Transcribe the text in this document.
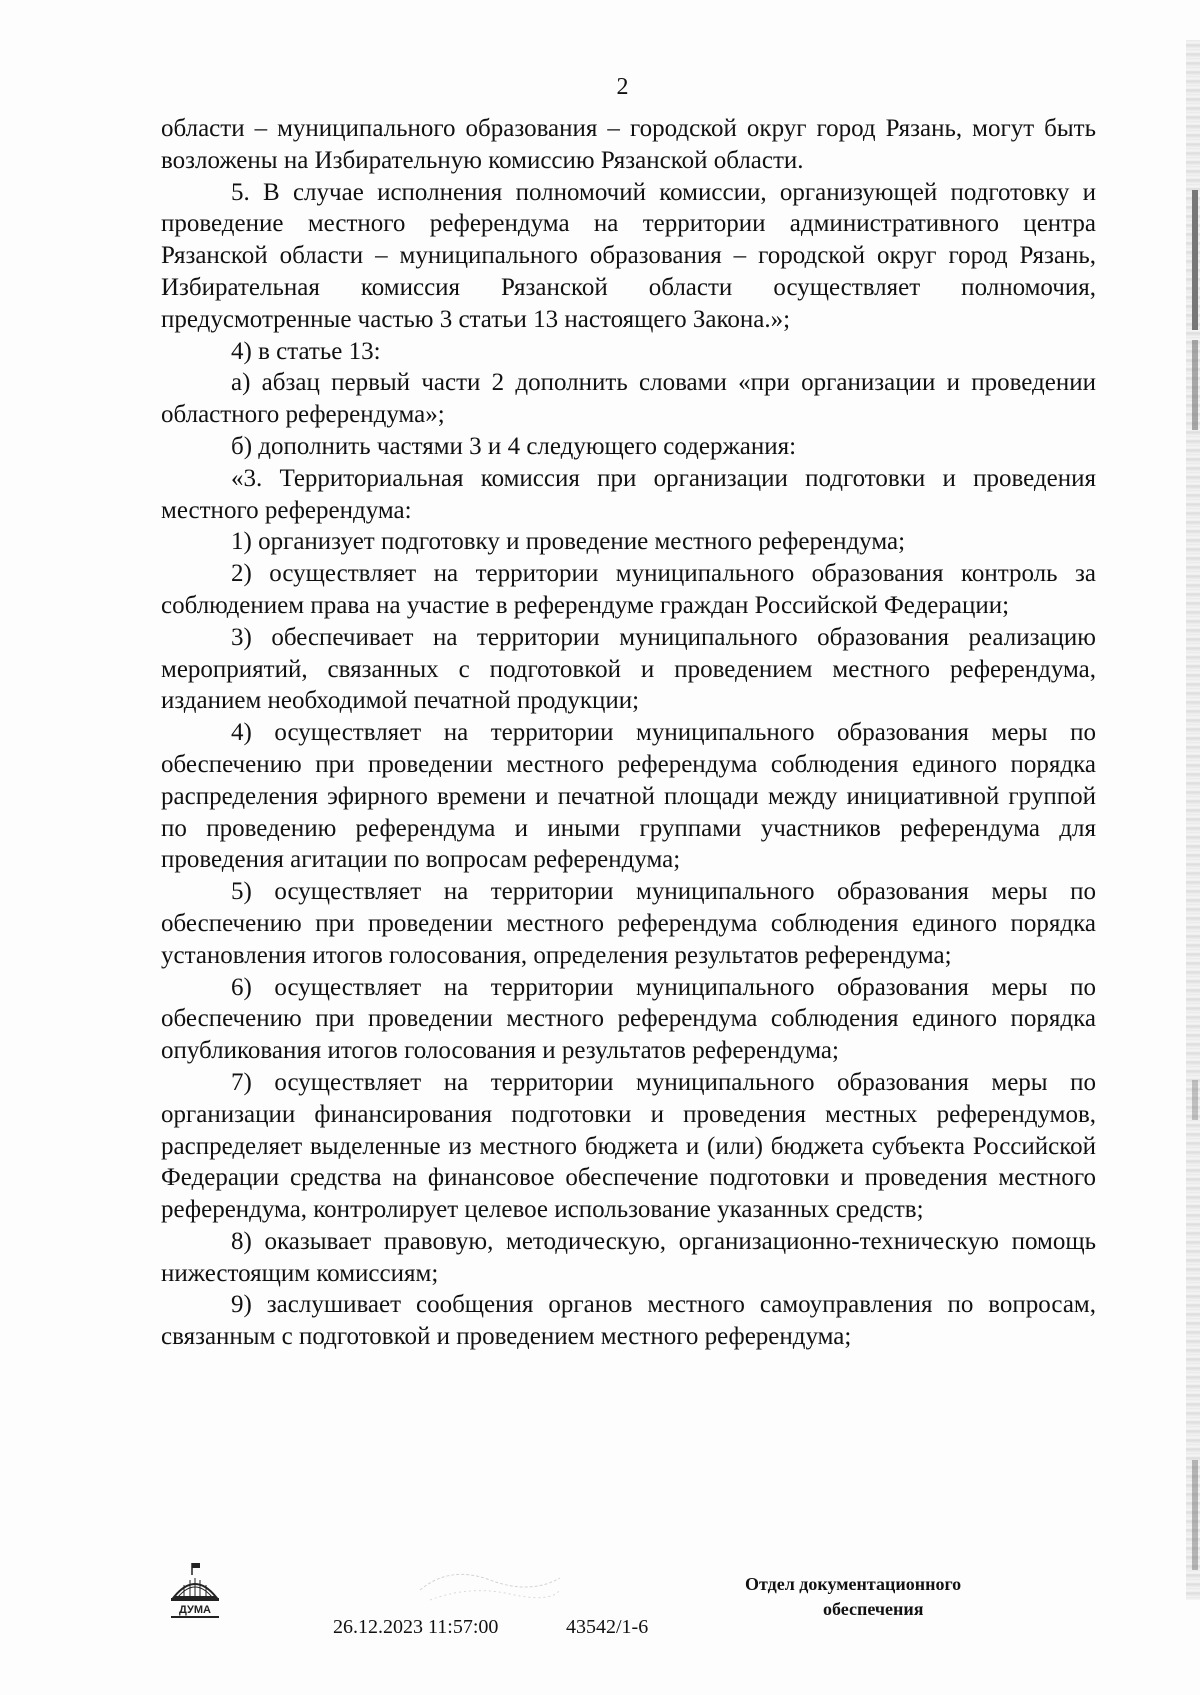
2

области – муниципального образования – городской округ город Рязань, могут быть возложены на Избирательную комиссию Рязанской области.

5. В случае исполнения полномочий комиссии, организующей подготовку и проведение местного референдума на территории административного центра Рязанской области – муниципального образования – городской округ город Рязань, Избирательная комиссия Рязанской области осуществляет полномочия, предусмотренные частью 3 статьи 13 настоящего Закона.»;

4) в статье 13:

а) абзац первый части 2 дополнить словами «при организации и проведении областного референдума»;

б) дополнить частями 3 и 4 следующего содержания:

«3. Территориальная комиссия при организации подготовки и проведения местного референдума:

1) организует подготовку и проведение местного референдума;

2) осуществляет на территории муниципального образования контроль за соблюдением права на участие в референдуме граждан Российской Федерации;

3) обеспечивает на территории муниципального образования реализацию мероприятий, связанных с подготовкой и проведением местного референдума, изданием необходимой печатной продукции;

4) осуществляет на территории муниципального образования меры по обеспечению при проведении местного референдума соблюдения единого порядка распределения эфирного времени и печатной площади между инициативной группой по проведению референдума и иными группами участников референдума для проведения агитации по вопросам референдума;

5) осуществляет на территории муниципального образования меры по обеспечению при проведении местного референдума соблюдения единого порядка установления итогов голосования, определения результатов референдума;

6) осуществляет на территории муниципального образования меры по обеспечению при проведении местного референдума соблюдения единого порядка опубликования итогов голосования и результатов референдума;

7) осуществляет на территории муниципального образования меры по организации финансирования подготовки и проведения местных референдумов, распределяет выделенные из местного бюджета и (или) бюджета субъекта Российской Федерации средства на финансовое обеспечение подготовки и проведения местного референдума, контролирует целевое использование указанных средств;

8) оказывает правовую, методическую, организационно-техническую помощь нижестоящим комиссиям;

9) заслушивает сообщения органов местного самоуправления по вопросам, связанным с подготовкой и проведением местного референдума;

ДУМА
26.12.2023 11:57:00	43542/1-6
Отдел документационного
обеспечения
